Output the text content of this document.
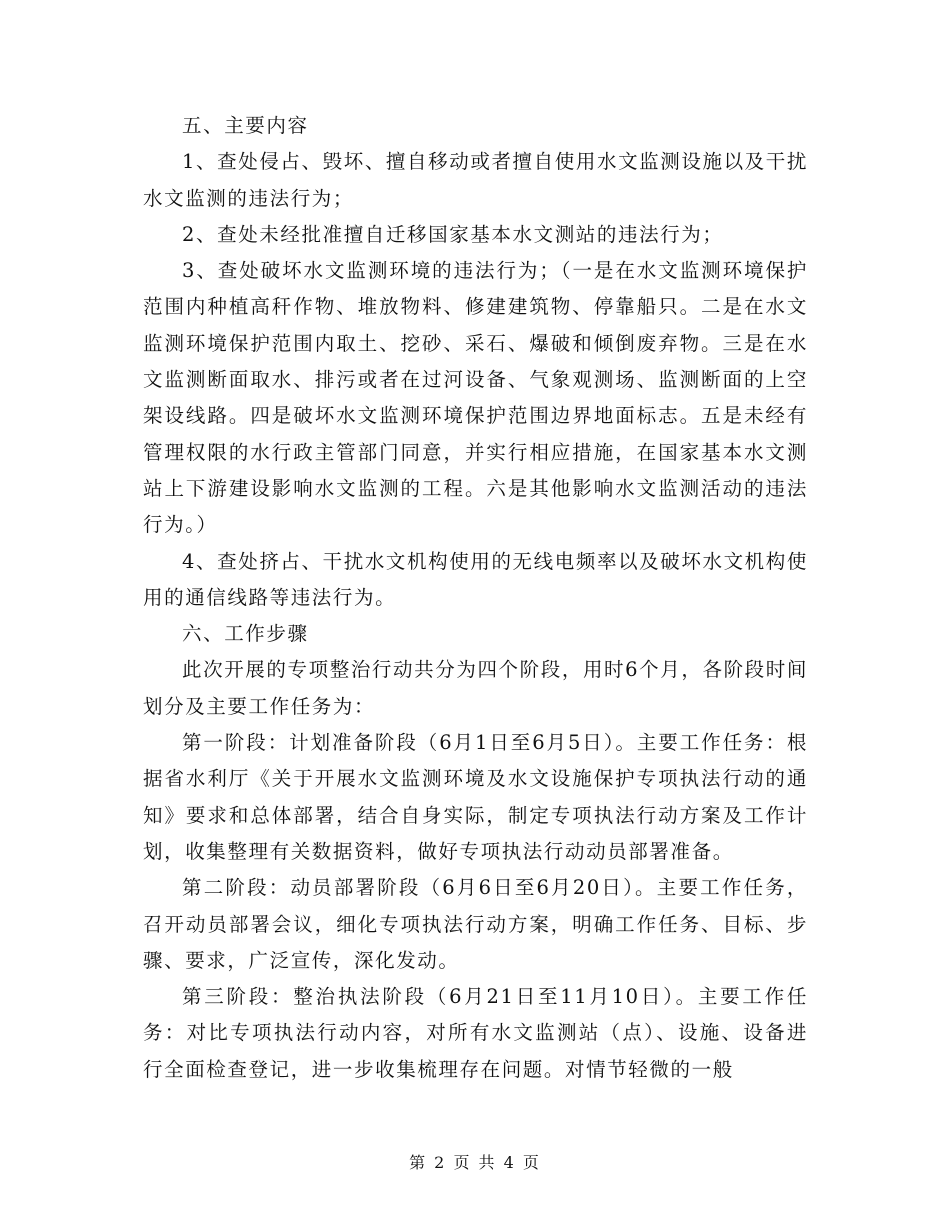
五、主要内容

1、查处侵占、毁坏、擅自移动或者擅自使用水文监测设施以及干扰水文监测的违法行为；

2、查处未经批准擅自迁移国家基本水文测站的违法行为；

3、查处破坏水文监测环境的违法行为；（一是在水文监测环境保护范围内种植高秆作物、堆放物料、修建建筑物、停靠船只。二是在水文监测环境保护范围内取土、挖砂、采石、爆破和倾倒废弃物。三是在水文监测断面取水、排污或者在过河设备、气象观测场、监测断面的上空架设线路。四是破坏水文监测环境保护范围边界地面标志。五是未经有管理权限的水行政主管部门同意，并实行相应措施，在国家基本水文测站上下游建设影响水文监测的工程。六是其他影响水文监测活动的违法行为。）

4、查处挤占、干扰水文机构使用的无线电频率以及破坏水文机构使用的通信线路等违法行为。

六、工作步骤

此次开展的专项整治行动共分为四个阶段，用时6个月，各阶段时间划分及主要工作任务为：

第一阶段：计划准备阶段（6月1日至6月5日）。主要工作任务：根据省水利厅《关于开展水文监测环境及水文设施保护专项执法行动的通知》要求和总体部署，结合自身实际，制定专项执法行动方案及工作计划，收集整理有关数据资料，做好专项执法行动动员部署准备。

第二阶段：动员部署阶段（6月6日至6月20日）。主要工作任务，召开动员部署会议，细化专项执法行动方案，明确工作任务、目标、步骤、要求，广泛宣传，深化发动。

第三阶段：整治执法阶段（6月21日至11月10日）。主要工作任务：对比专项执法行动内容，对所有水文监测站（点）、设施、设备进行全面检查登记，进一步收集梳理存在问题。对情节轻微的一般

第 2 页 共 4 页
